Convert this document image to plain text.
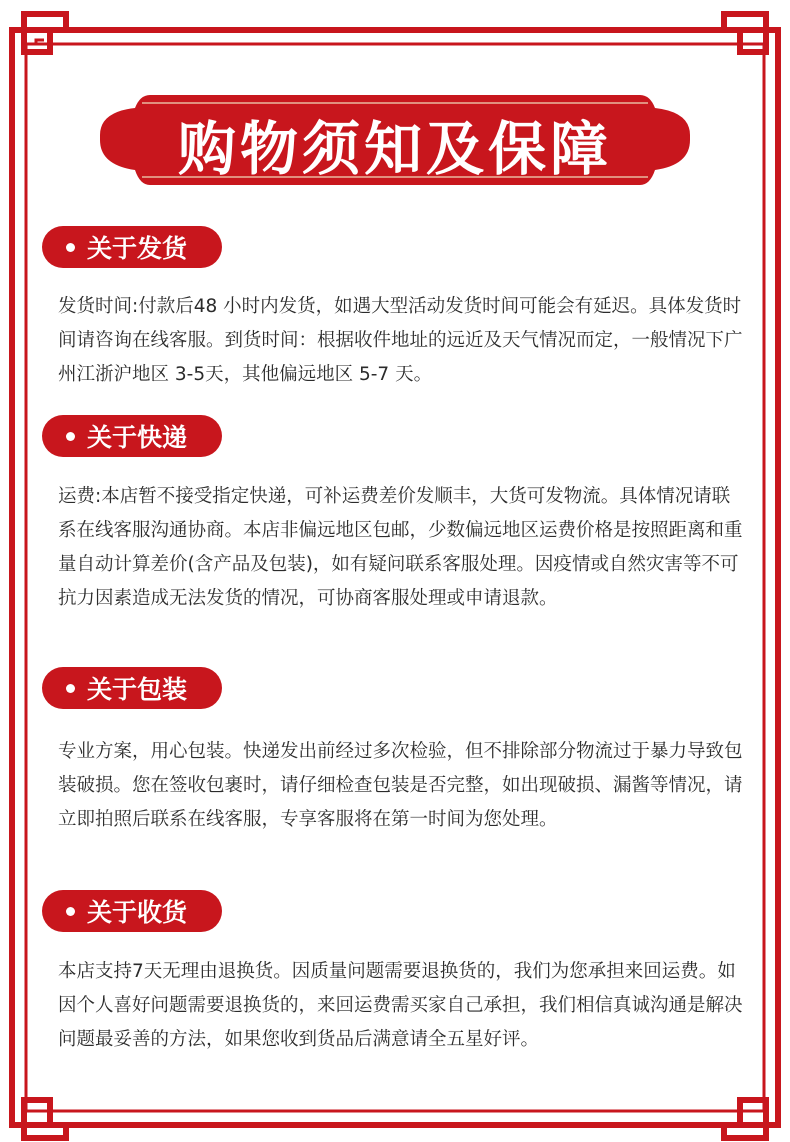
购物须知及保障
关于发货
发货时间:付款后48 小时内发货，如遇大型活动发货时间可能会有延迟。具体发货时间请咨询在线客服。到货时间：根据收件地址的远近及天气情况而定，一般情况下广州江浙沪地区 3-5天，其他偏远地区 5-7 天。
关于快递
运费:本店暂不接受指定快递，可补运费差价发顺丰，大货可发物流。具体情况请联系在线客服沟通协商。本店非偏远地区包邮，少数偏远地区运费价格是按照距离和重量自动计算差价(含产品及包装)，如有疑问联系客服处理。因疫情或自然灾害等不可抗力因素造成无法发货的情况，可协商客服处理或申请退款。
关于包装
专业方案，用心包装。快递发出前经过多次检验，但不排除部分物流过于暴力导致包装破损。您在签收包裹时，请仔细检查包装是否完整，如出现破损、漏酱等情况，请立即拍照后联系在线客服，专享客服将在第一时间为您处理。
关于收货
本店支持7天无理由退换货。因质量问题需要退换货的，我们为您承担来回运费。如因个人喜好问题需要退换货的，来回运费需买家自己承担，我们相信真诚沟通是解决问题最妥善的方法，如果您收到货品后满意请全五星好评。
